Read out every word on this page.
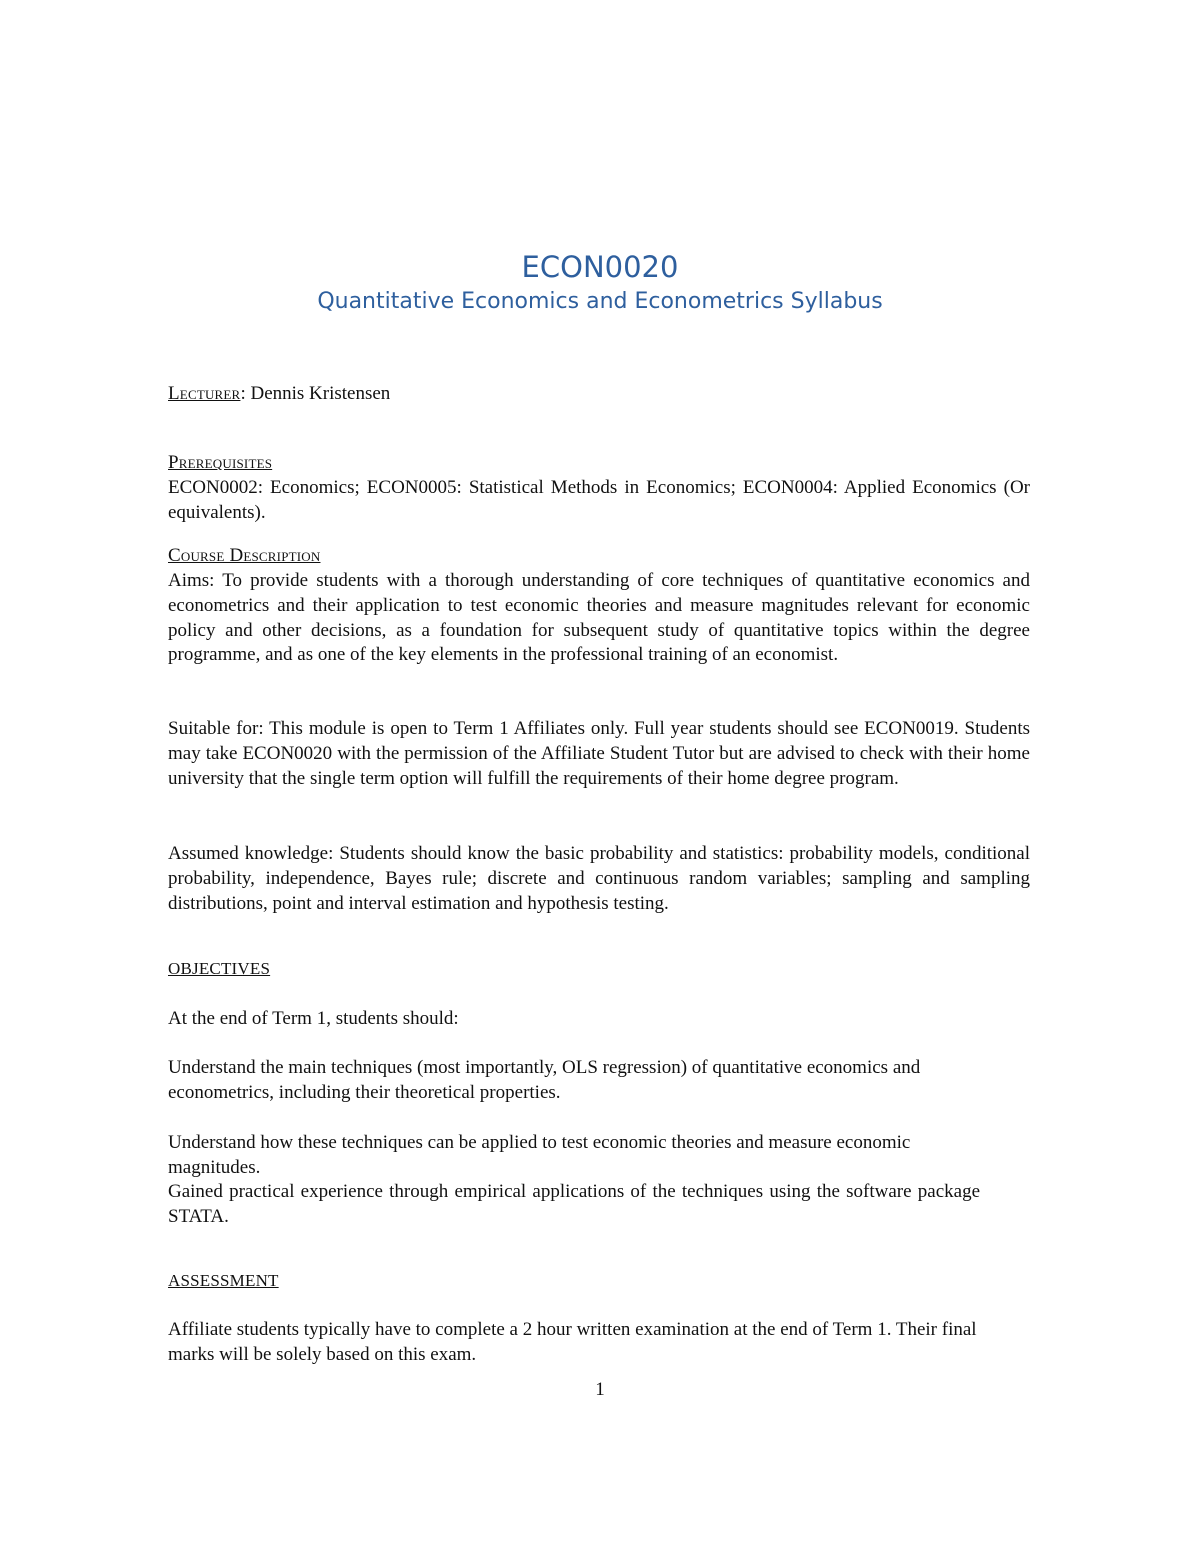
ECON0020
Quantitative Economics and Econometrics Syllabus

Lecturer: Dennis Kristensen

Prerequisites

ECON0002: Economics; ECON0005: Statistical Methods in Economics; ECON0004: Applied Economics (Or equivalents).

Course Description

Aims: To provide students with a thorough understanding of core techniques of quantitative economics and econometrics and their application to test economic theories and measure magnitudes relevant for economic policy and other decisions, as a foundation for subsequent study of quantitative topics within the degree programme, and as one of the key elements in the professional training of an economist.

Suitable for: This module is open to Term 1 Affiliates only. Full year students should see ECON0019. Students may take ECON0020 with the permission of the Affiliate Student Tutor but are advised to check with their home university that the single term option will fulfill the requirements of their home degree program.

Assumed knowledge: Students should know the basic probability and statistics: probability models, conditional probability, independence, Bayes rule; discrete and continuous random variables; sampling and sampling distributions, point and interval estimation and hypothesis testing.

OBJECTIVES

At the end of Term 1, students should:

Understand the main techniques (most importantly, OLS regression) of quantitative economics and econometrics, including their theoretical properties.

Understand how these techniques can be applied to test economic theories and measure economic magnitudes.

Gained practical experience through empirical applications of the techniques using the software package STATA.

ASSESSMENT

Affiliate students typically have to complete a 2 hour written examination at the end of Term 1. Their final marks will be solely based on this exam.

1
